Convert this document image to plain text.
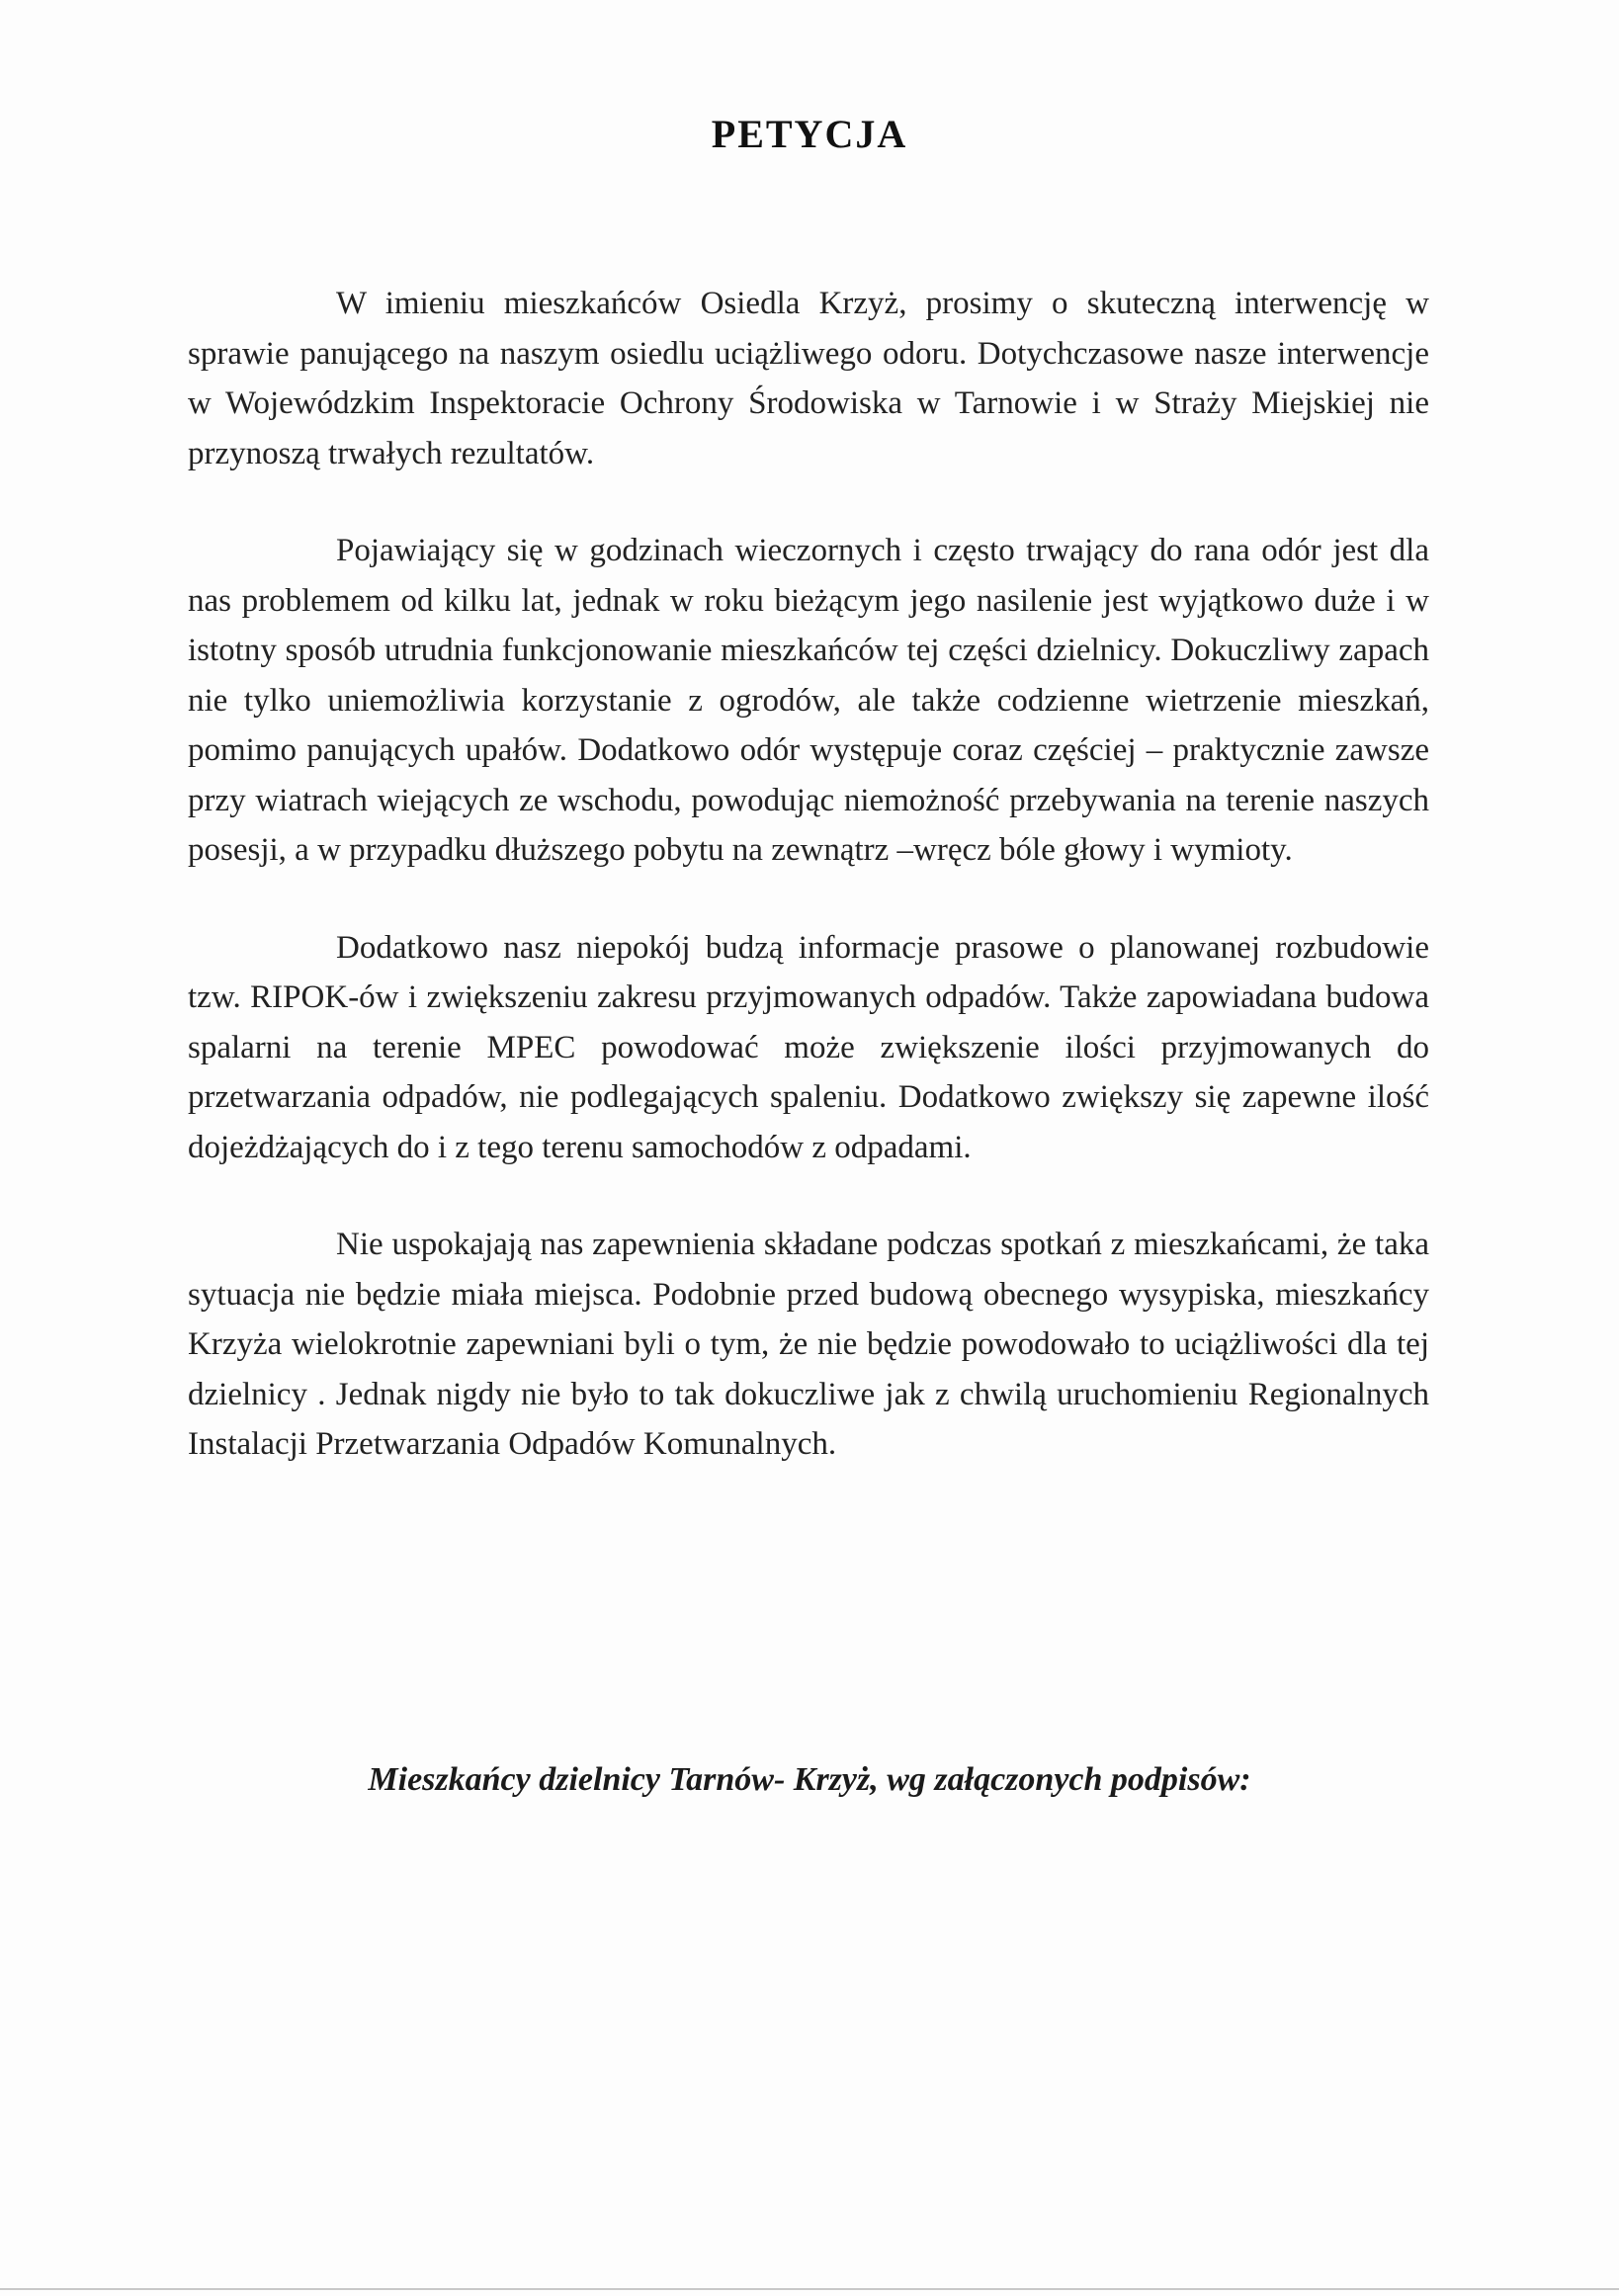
PETYCJA

W imieniu mieszkańców Osiedla Krzyż, prosimy o skuteczną interwencję w sprawie panującego na naszym osiedlu uciążliwego odoru. Dotychczasowe nasze interwencje w Wojewódzkim Inspektoracie Ochrony Środowiska w Tarnowie i w Straży Miejskiej nie przynoszą trwałych rezultatów.

Pojawiający się w godzinach wieczornych i często trwający do rana odór jest dla nas problemem od kilku lat, jednak w roku bieżącym jego nasilenie jest wyjątkowo duże i w istotny sposób utrudnia funkcjonowanie mieszkańców tej części dzielnicy. Dokuczliwy zapach nie tylko uniemożliwia korzystanie z ogrodów, ale także codzienne wietrzenie mieszkań, pomimo panujących upałów. Dodatkowo odór występuje coraz częściej – praktycznie zawsze przy wiatrach wiejących ze wschodu, powodując niemożność przebywania na terenie naszych posesji, a w przypadku dłuższego pobytu na zewnątrz –wręcz bóle głowy i wymioty.

Dodatkowo nasz niepokój budzą informacje prasowe o planowanej rozbudowie tzw. RIPOK-ów i zwiększeniu zakresu przyjmowanych odpadów. Także zapowiadana budowa spalarni na terenie MPEC powodować może zwiększenie ilości przyjmowanych do przetwarzania odpadów, nie podlegających spaleniu. Dodatkowo zwiększy się zapewne ilość dojeżdżających do i z tego terenu samochodów z odpadami.

Nie uspokajają nas zapewnienia składane podczas spotkań z mieszkańcami, że taka sytuacja nie będzie miała miejsca. Podobnie przed budową obecnego wysypiska, mieszkańcy Krzyża wielokrotnie zapewniani byli o tym, że nie będzie powodowało to uciążliwości dla tej dzielnicy . Jednak nigdy nie było to tak dokuczliwe jak z chwilą uruchomieniu Regionalnych Instalacji Przetwarzania Odpadów Komunalnych.

Mieszkańcy dzielnicy Tarnów- Krzyż, wg załączonych podpisów:
